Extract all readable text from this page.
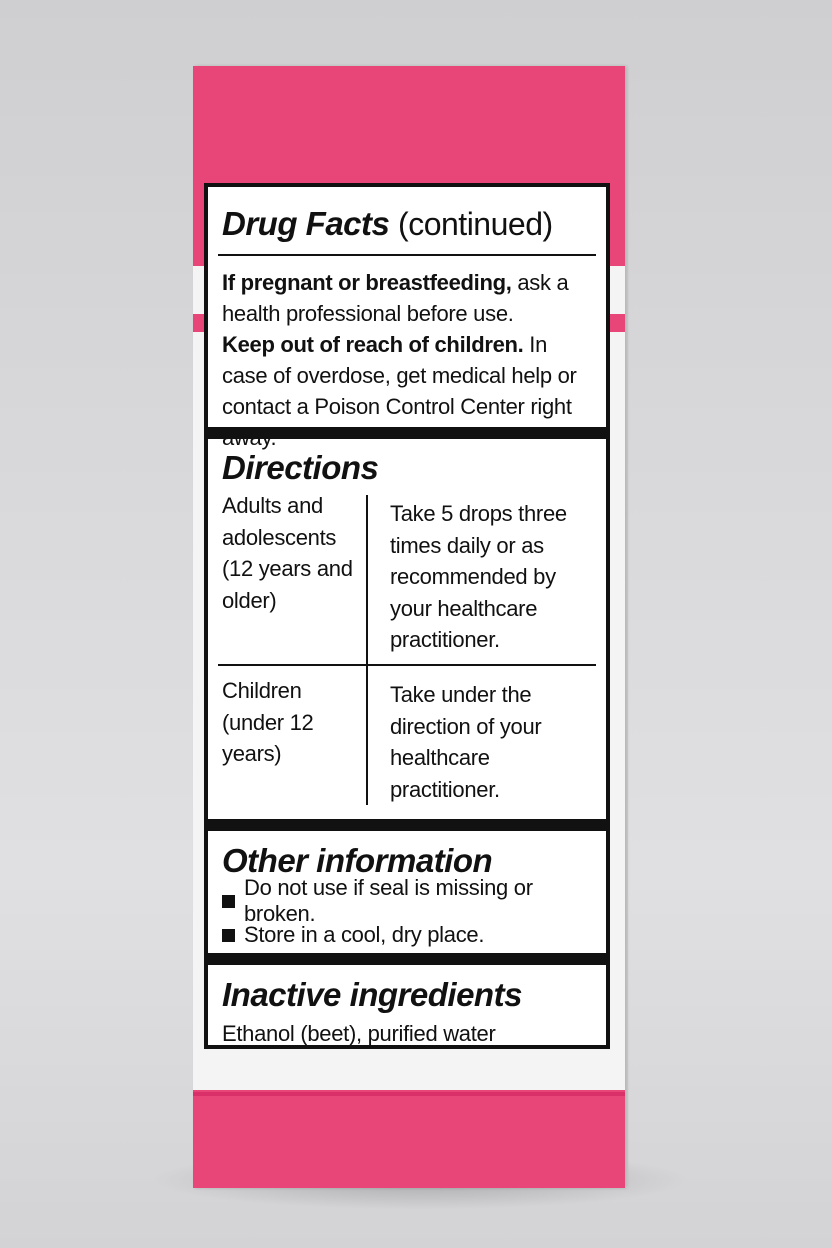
Drug Facts (continued)
If pregnant or breastfeeding, ask a health professional before use.
Keep out of reach of children. In case of overdose, get medical help or contact a Poison Control Center right
Directions
Adults and adolescents (12 years and older)
Take 5 drops three times daily or as recommended by your healthcare practitioner.
Children (under 12 years)
Take under the direction of your healthcare practitioner.
Other information
Do not use if seal is missing or broken.
Store in a cool, dry place.
Inactive ingredients
Ethanol (beet), purified water
